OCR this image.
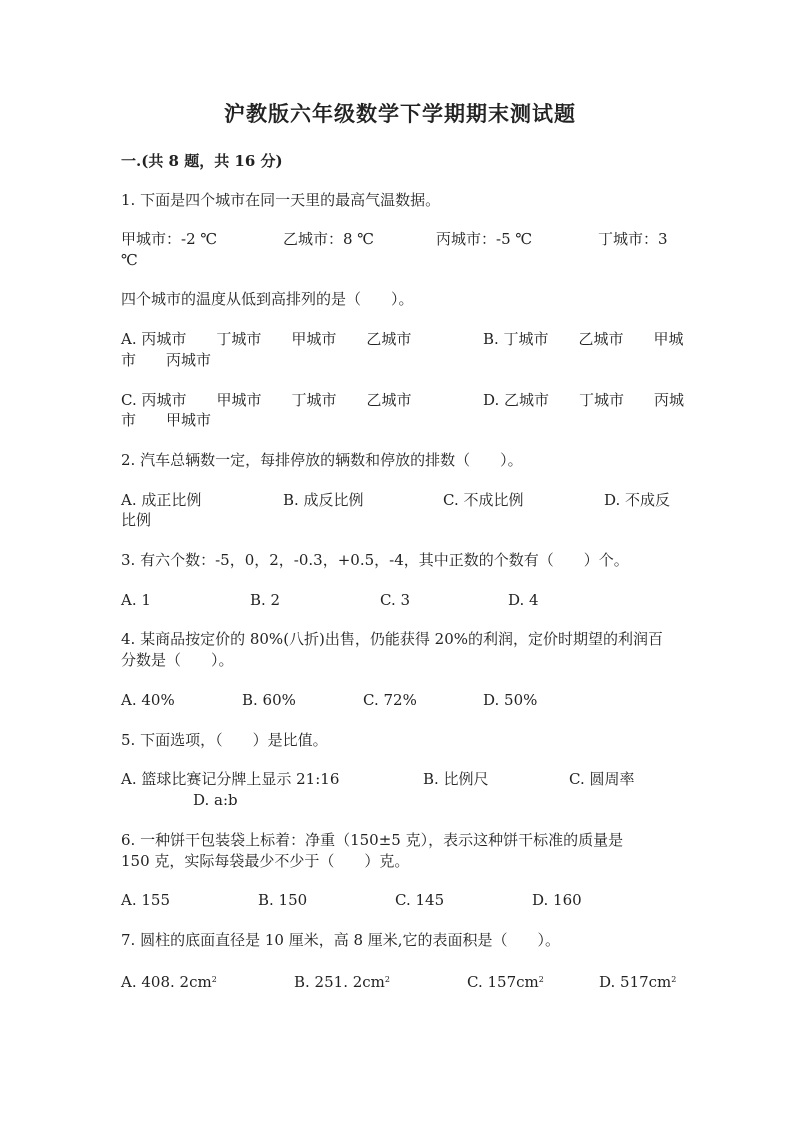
沪教版六年级数学下学期期末测试题
一.(共 8 题，共 16 分)
1. 下面是四个城市在同一天里的最高气温数据。
甲城市：-2 ℃	乙城市：8 ℃	丙城市：-5 ℃	丁城市：3
℃
四个城市的温度从低到高排列的是（　　）。
A. 丙城市　　丁城市　　甲城市　　乙城市	B. 丁城市　　乙城市　　甲城
市　　丙城市
C. 丙城市　　甲城市　　丁城市　　乙城市	D. 乙城市　　丁城市　　丙城
市　　甲城市
2. 汽车总辆数一定，每排停放的辆数和停放的排数（　　）。
A. 成正比例	B. 成反比例	C. 不成比例	D. 不成反
比例
3. 有六个数：-5，0，2，-0.3，+0.5，-4，其中正数的个数有（　　）个。
A. 1	B. 2	C. 3	D. 4
4. 某商品按定价的 80%(八折)出售，仍能获得 20%的利润，定价时期望的利润百
分数是（　　）。
A. 40%	B. 60%	C. 72%	D. 50%
5. 下面选项，（　　）是比值。
A. 篮球比赛记分牌上显示 21:16	B. 比例尺	C. 圆周率
D. a:b
6. 一种饼干包装袋上标着：净重（150±5 克），表示这种饼干标准的质量是
150 克，实际每袋最少不少于（　　）克。
A. 155	B. 150	C. 145	D. 160
7. 圆柱的底面直径是 10 厘米，高 8 厘米,它的表面积是（　　）。
A. 408. $2cm^2$	B. 251. $2cm^2$	C. $157cm^2$	D. $517cm^2$
